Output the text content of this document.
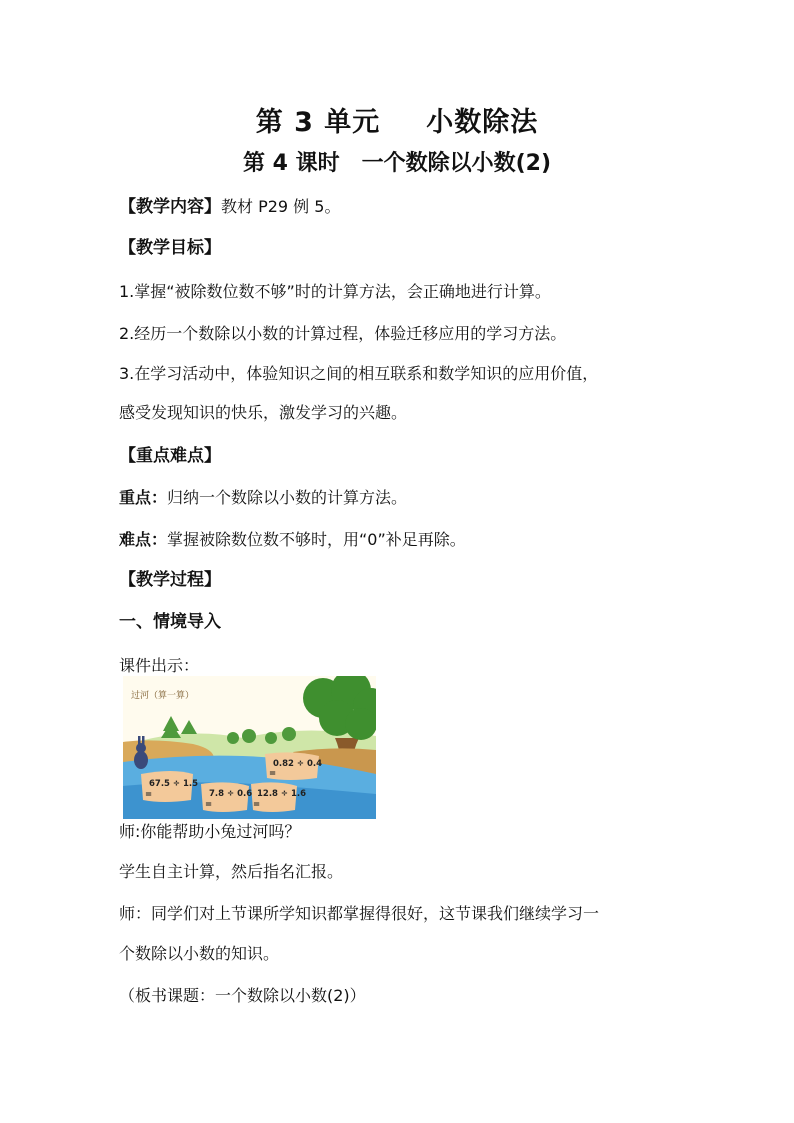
第 3 单元 小数除法
第 4 课时 一个数除以小数(2)
【教学内容】教材 P29 例 5。
【教学目标】
1.掌握“被除数位数不够”时的计算方法，会正确地进行计算。
2.经历一个数除以小数的计算过程，体验迁移应用的学习方法。
3.在学习活动中，体验知识之间的相互联系和数学知识的应用价值，
感受发现知识的快乐，激发学习的兴趣。
【重点难点】
重点：归纳一个数除以小数的计算方法。
难点：掌握被除数位数不够时，用“0”补足再除。
【教学过程】
一、情境导入
课件出示：
过河（算一算）
67.5 ÷ 1.5
=	7.8 ÷ 0.6
=
12.8 ÷ 1.6
=
0.82 ÷ 0.4
=
师:你能帮助小兔过河吗？
学生自主计算，然后指名汇报。
师：同学们对上节课所学知识都掌握得很好，这节课我们继续学习一
个数除以小数的知识。
（板书课题：一个数除以小数(2)）
